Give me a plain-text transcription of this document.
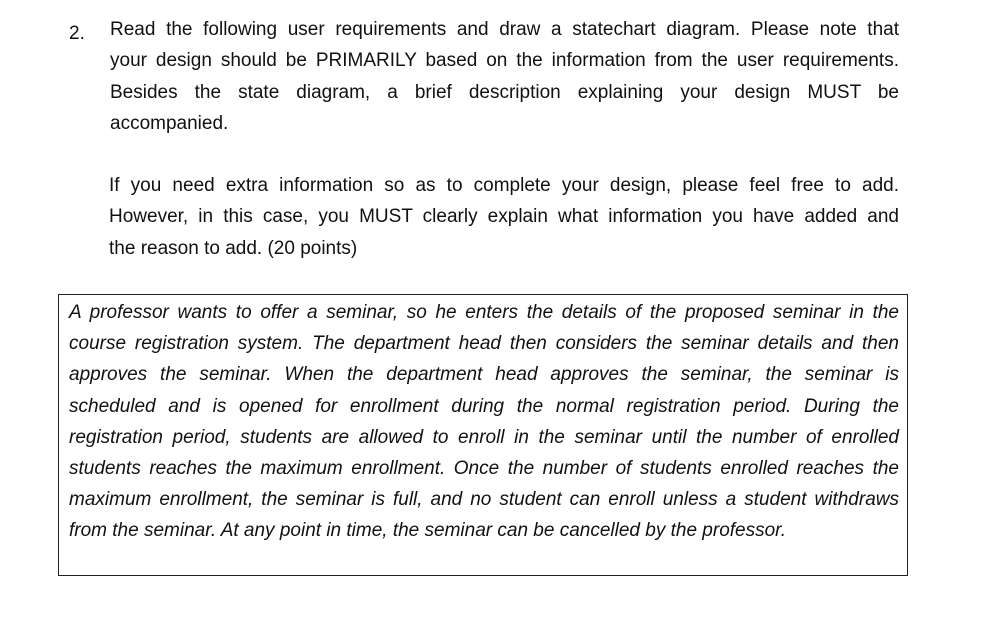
2. Read the following user requirements and draw a statechart diagram. Please note that
your design should be PRIMARILY based on the information from the user requirements.
Besides the state diagram, a brief description explaining your design MUST be
accompanied.
If you need extra information so as to complete your design, please feel free to add.
However, in this case, you MUST clearly explain what information you have added and
the reason to add. (20 points)
A professor wants to offer a seminar, so he enters the details of the proposed seminar in the
course registration system. The department head then considers the seminar details and then
approves the seminar. When the department head approves the seminar, the seminar is
scheduled and is opened for enrollment during the normal registration period. During the
registration period, students are allowed to enroll in the seminar until the number of enrolled
students reaches the maximum enrollment. Once the number of students enrolled reaches the
maximum enrollment, the seminar is full, and no student can enroll unless a student withdraws
from the seminar. At any point in time, the seminar can be cancelled by the professor.
